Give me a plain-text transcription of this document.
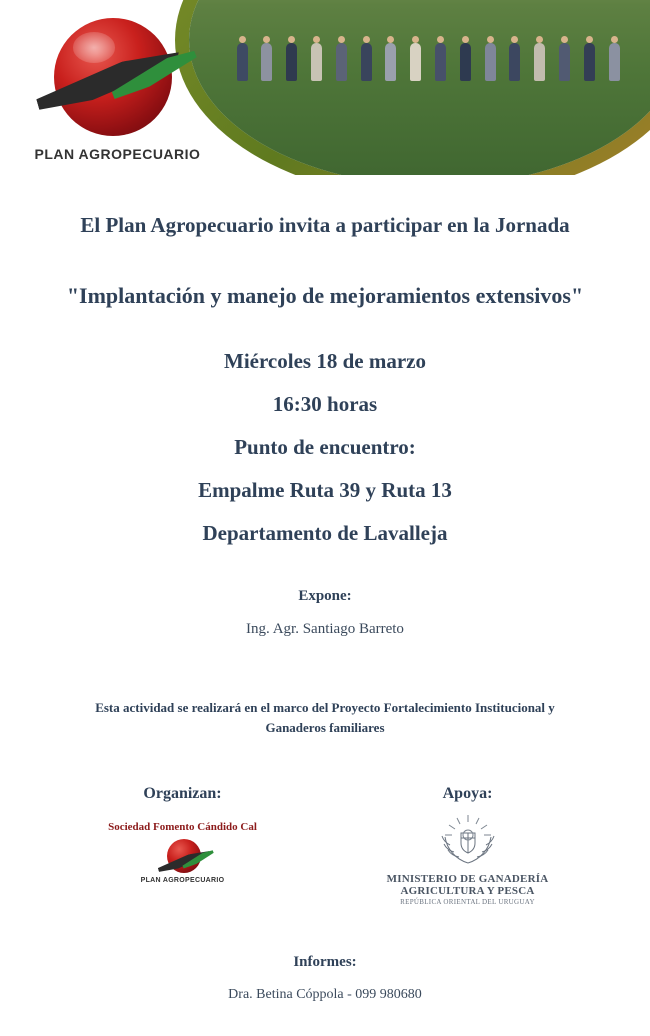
PLAN AGROPECUARIO
El Plan Agropecuario invita a participar en la Jornada
"Implantación y manejo de mejoramientos extensivos"
Miércoles 18 de marzo
16:30 horas
Punto de encuentro:
Empalme Ruta 39 y Ruta 13
Departamento de Lavalleja
Expone:
Ing. Agr. Santiago Barreto
Esta actividad se realizará en el marco del Proyecto Fortalecimiento Institucional y Ganaderos familiares
Organizan:
Sociedad Fomento Cándido Cal
PLAN AGROPECUARIO
Apoya:
MINISTERIO DE GANADERÍA
AGRICULTURA Y PESCA
REPÚBLICA ORIENTAL DEL URUGUAY
Informes:
Dra. Betina Cóppola - 099 980680
